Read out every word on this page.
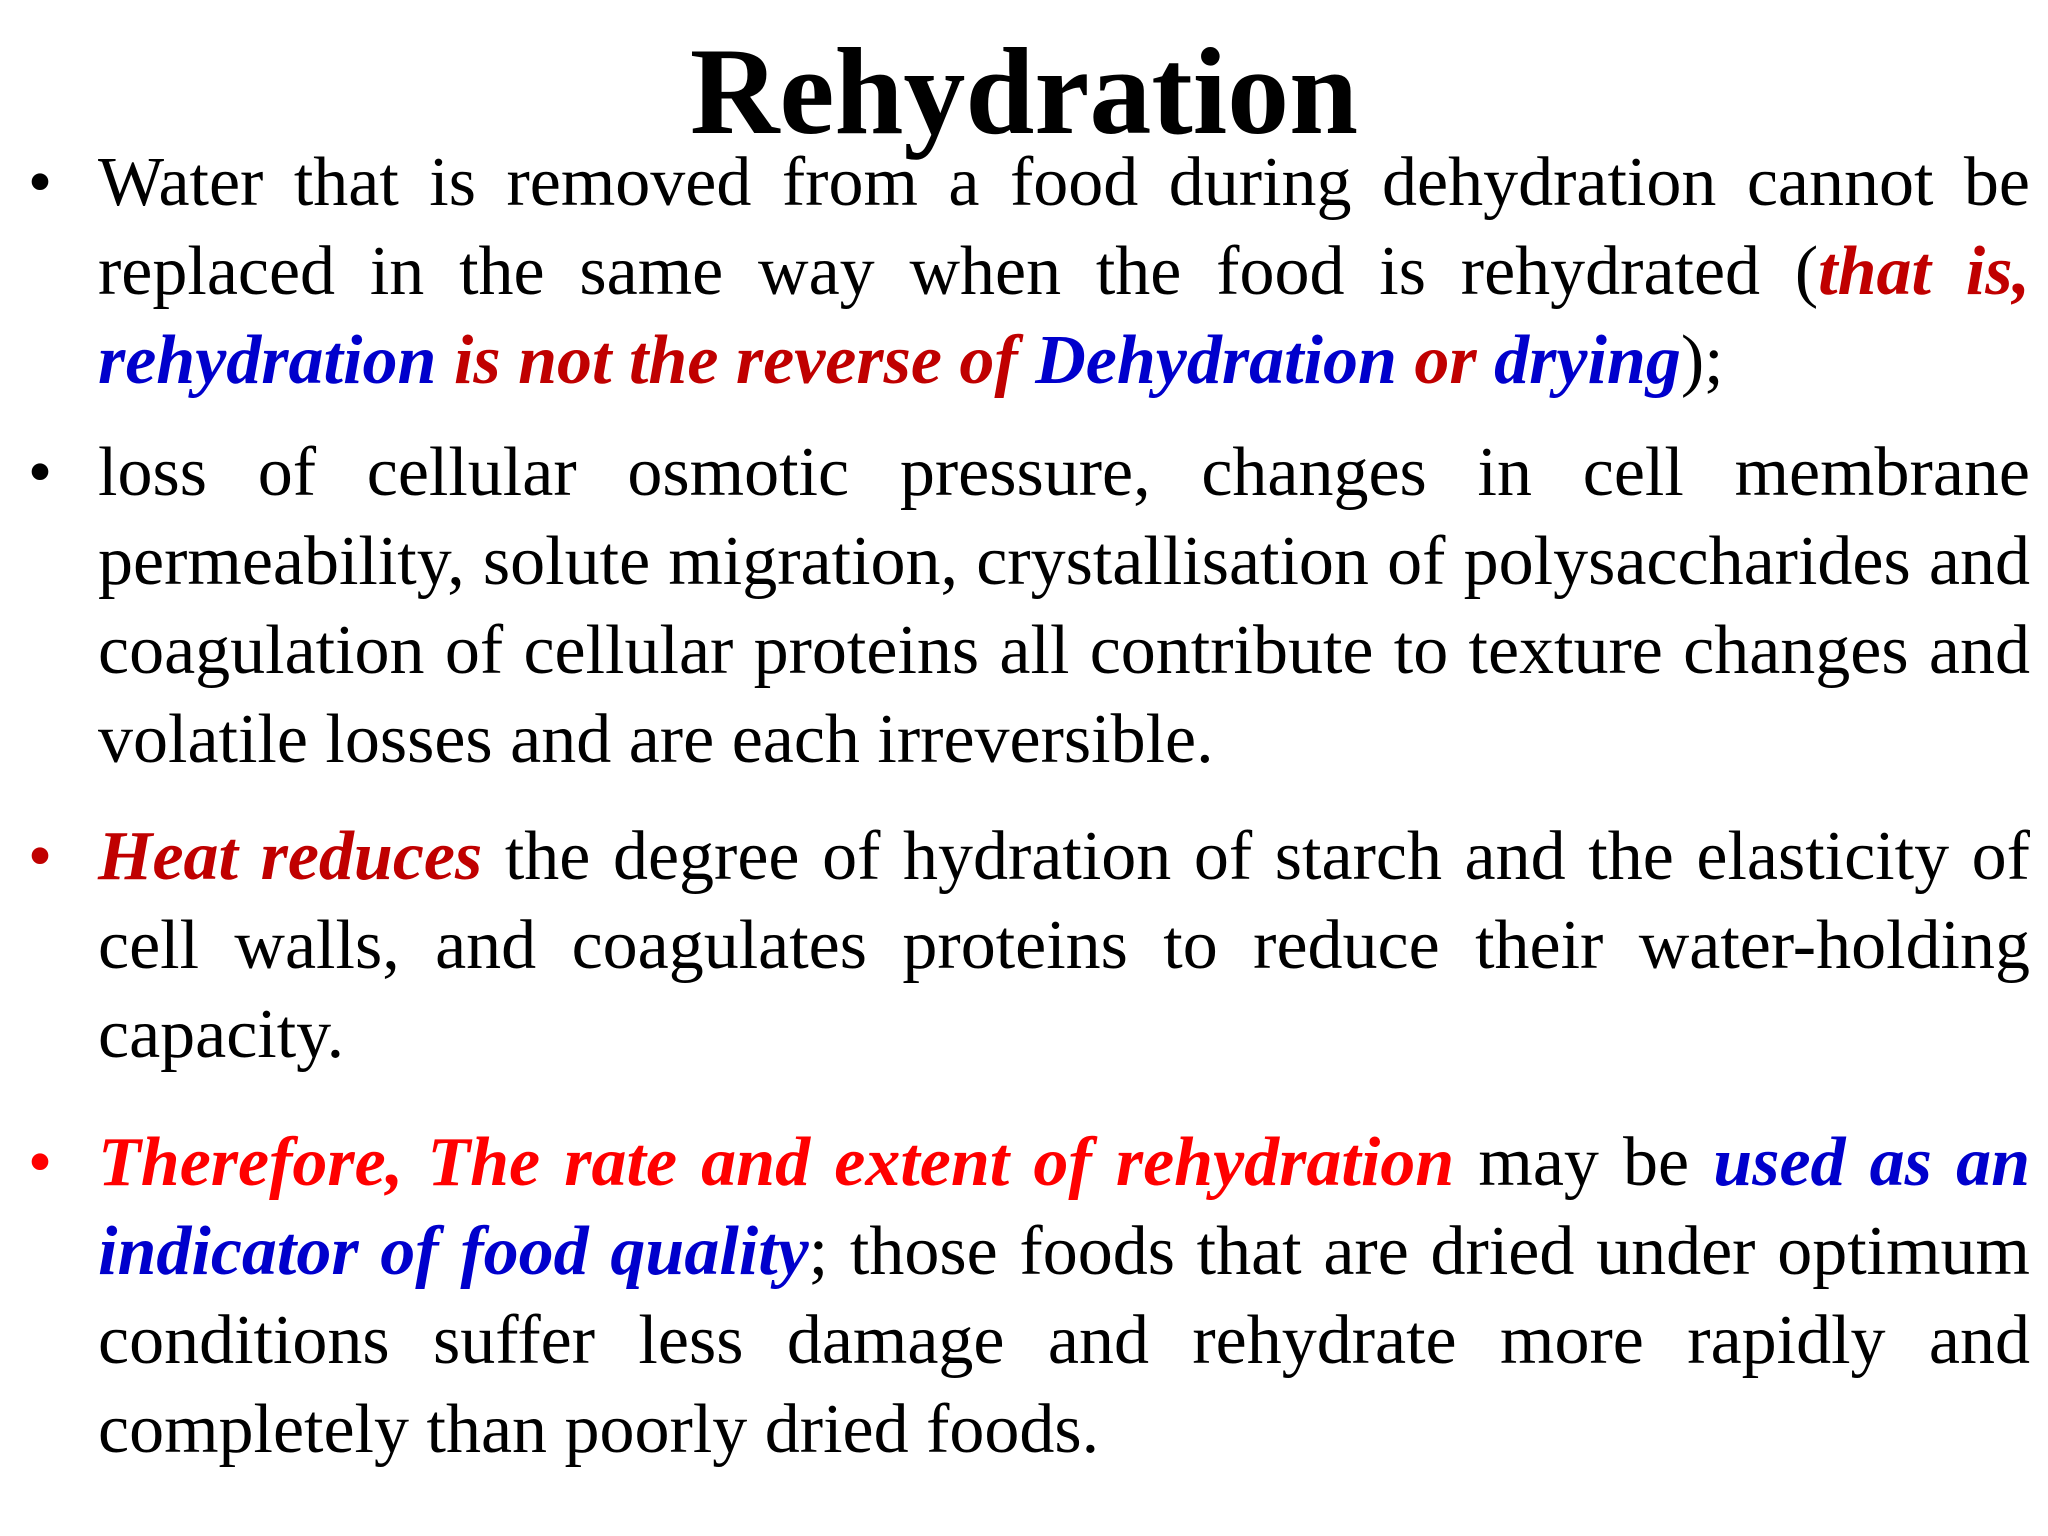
Rehydration
• Water that is removed from a food during dehydration cannot be replaced in the same way when the food is rehydrated (that is, rehydration is not the reverse of Dehydration or drying);
• loss of cellular osmotic pressure, changes in cell membrane permeability, solute migration, crystallisation of polysaccharides and coagulation of cellular proteins all contribute to texture changes and volatile losses and are each irreversible.
• Heat reduces the degree of hydration of starch and the elasticity of cell walls, and coagulates proteins to reduce their water-holding capacity.
• Therefore, The rate and extent of rehydration may be used as an indicator of food quality; those foods that are dried under optimum conditions suffer less damage and rehydrate more rapidly and completely than poorly dried foods.
